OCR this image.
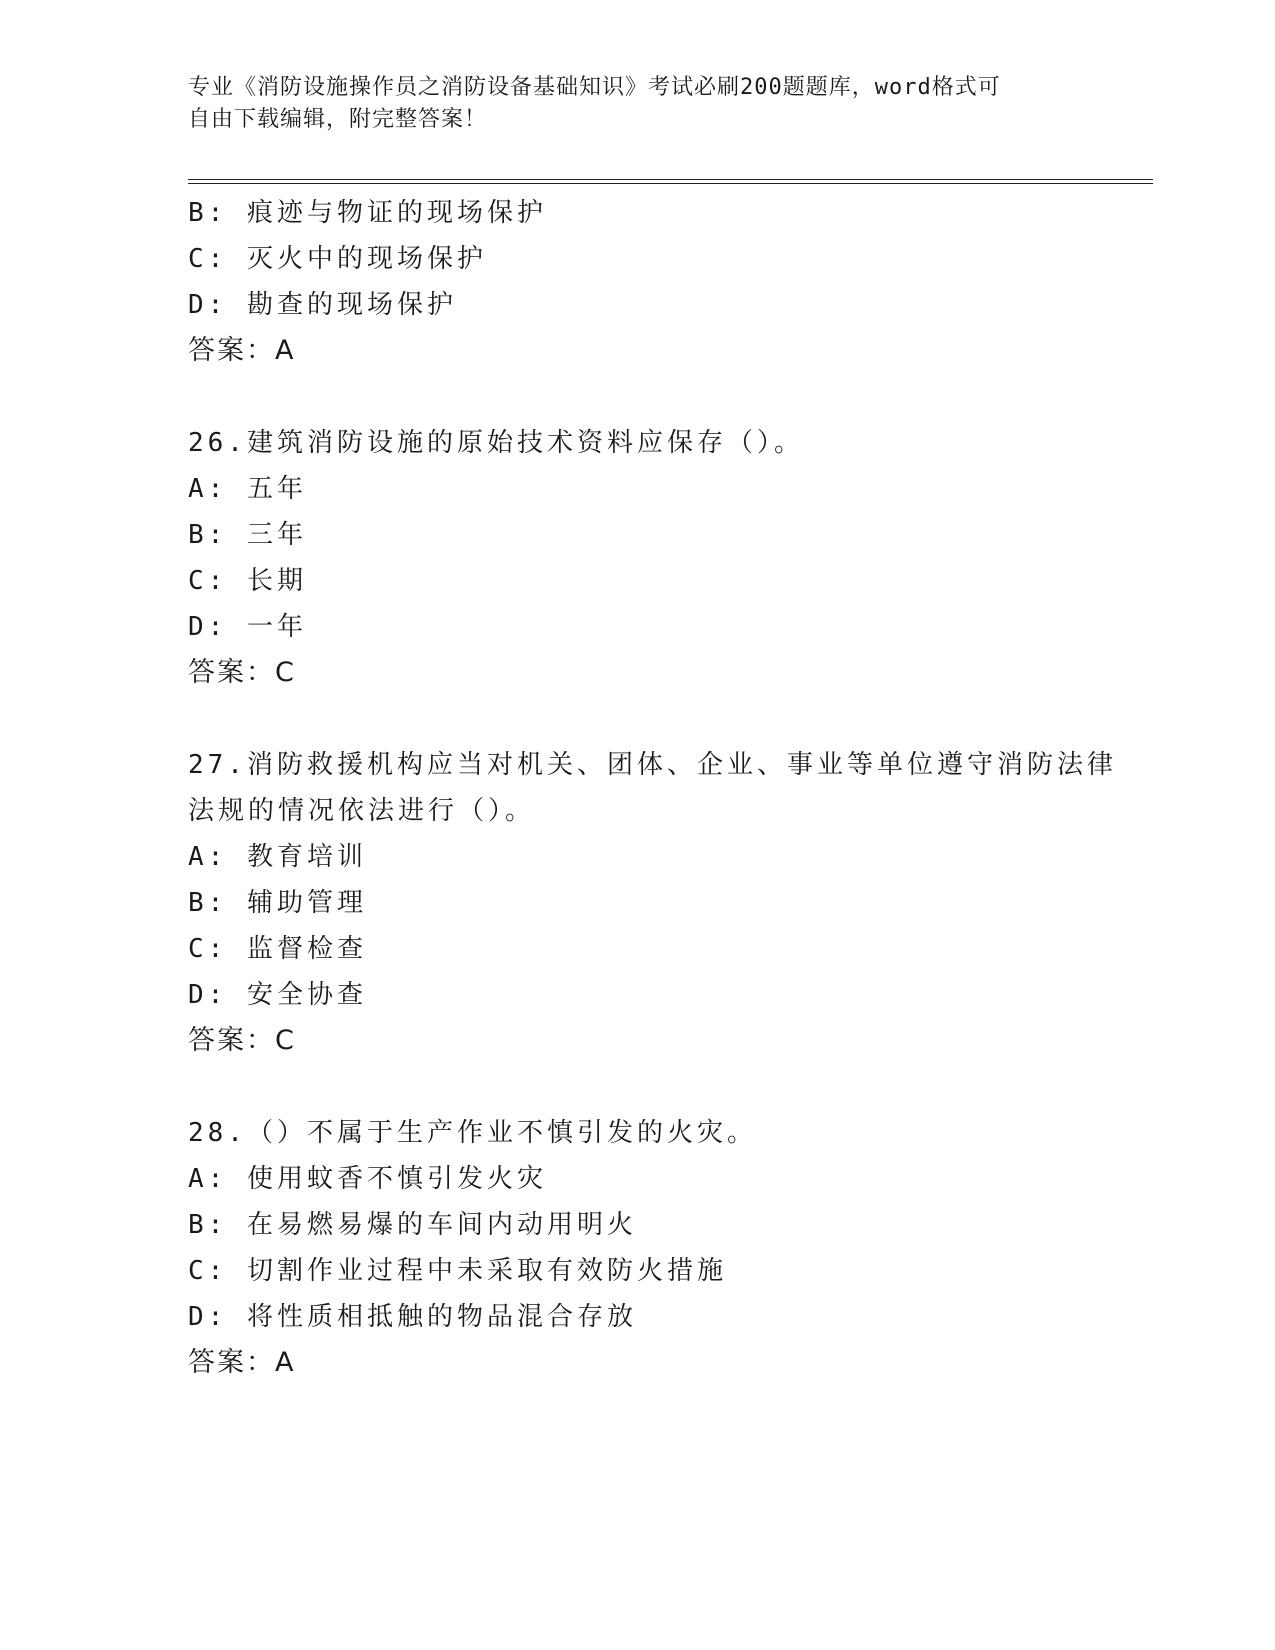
专业《消防设施操作员之消防设备基础知识》考试必刷200题题库，word格式可
自由下载编辑，附完整答案！
B: 痕迹与物证的现场保护
C: 灭火中的现场保护
D: 勘查的现场保护
答案：A
26.建筑消防设施的原始技术资料应保存（）。
A: 五年
B: 三年
C: 长期
D: 一年
答案：C
27.消防救援机构应当对机关、团体、企业、事业等单位遵守消防法律
法规的情况依法进行（）。
A: 教育培训
B: 辅助管理
C: 监督检查
D: 安全协查
答案：C
28.（）不属于生产作业不慎引发的火灾。
A: 使用蚊香不慎引发火灾
B: 在易燃易爆的车间内动用明火
C: 切割作业过程中未采取有效防火措施
D: 将性质相抵触的物品混合存放
答案：A
